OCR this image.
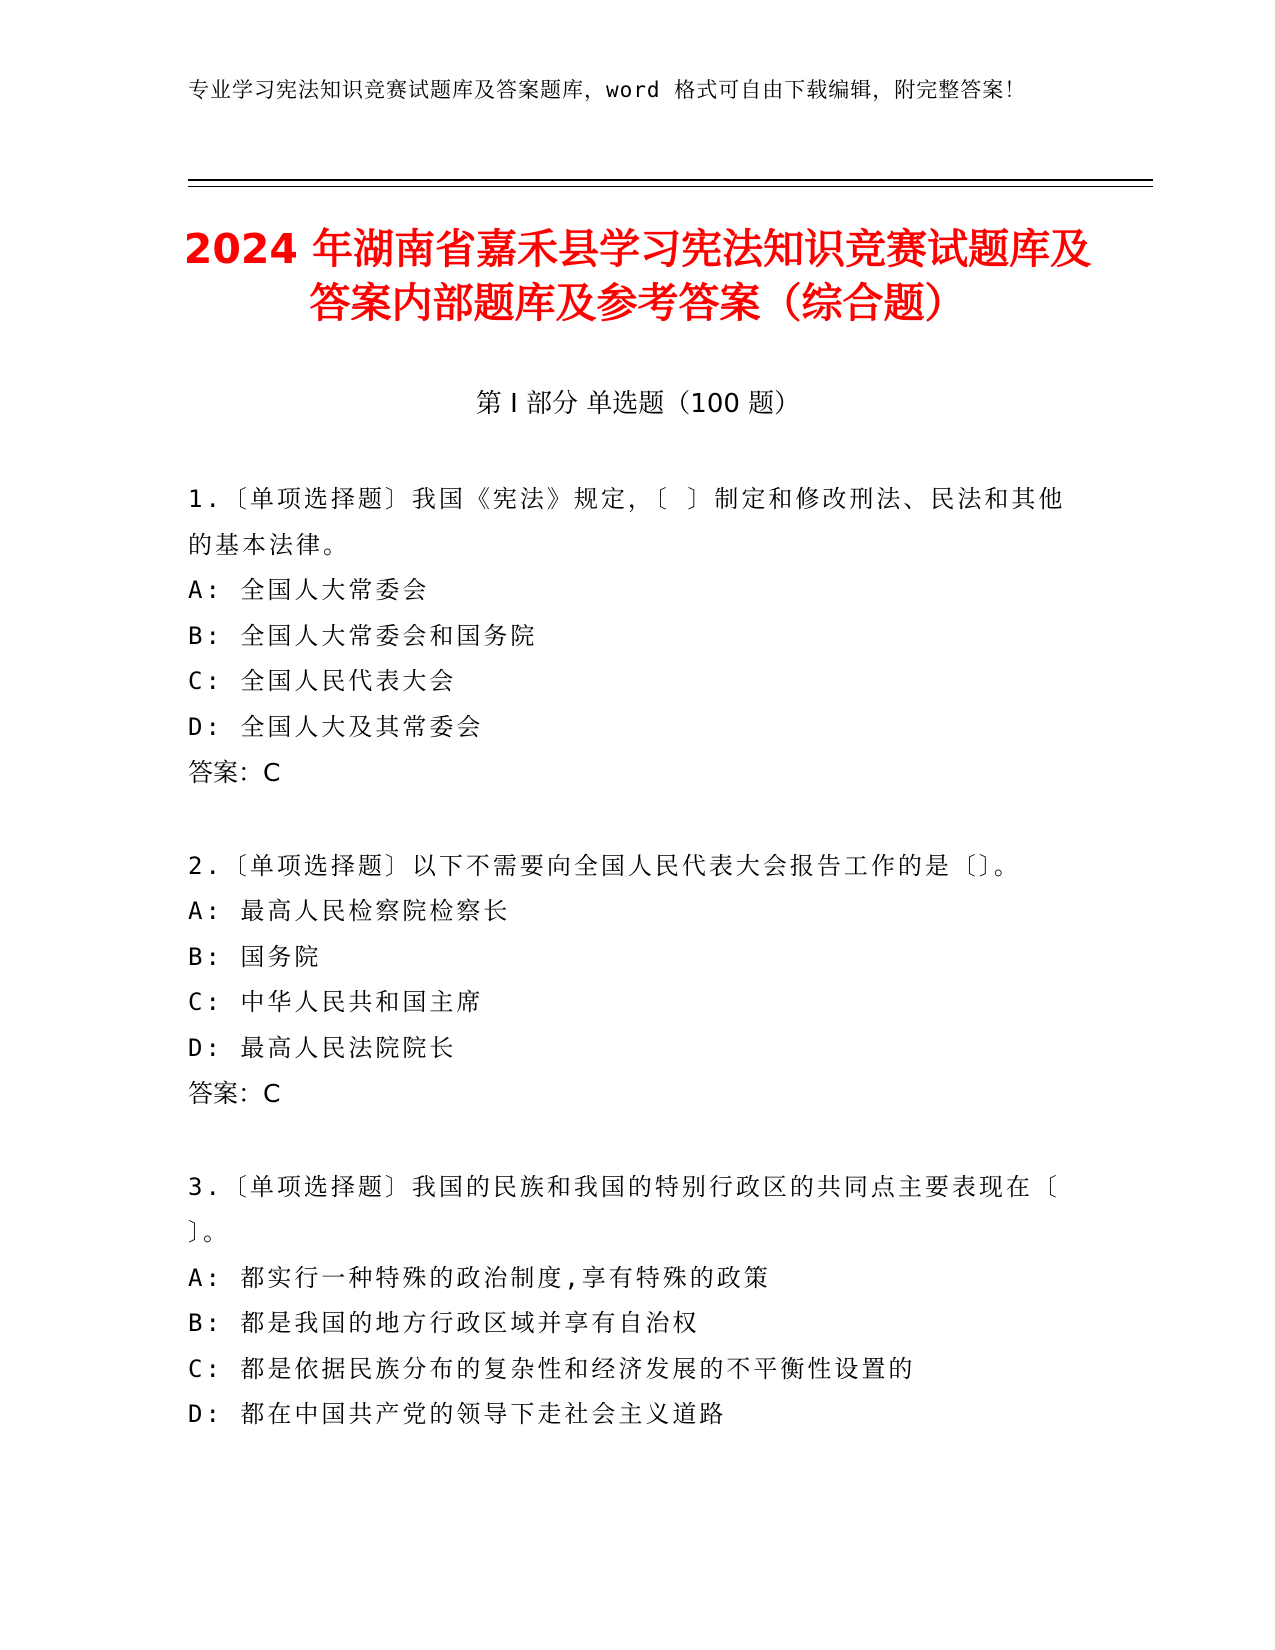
专业学习宪法知识竞赛试题库及答案题库，word 格式可自由下载编辑，附完整答案！

2024 年湖南省嘉禾县学习宪法知识竞赛试题库及答案内部题库及参考答案（综合题）
第 I 部分 单选题（100 题）

1.〔单项选择题〕我国《宪法》规定，〔 〕制定和修改刑法、民法和其他的基本法律。

A: 全国人大常委会

B: 全国人大常委会和国务院

C: 全国人民代表大会

D: 全国人大及其常委会

答案：C

2.〔单项选择题〕以下不需要向全国人民代表大会报告工作的是〔〕。

A: 最高人民检察院检察长

B: 国务院

C: 中华人民共和国主席

D: 最高人民法院院长

答案：C

3.〔单项选择题〕我国的民族和我国的特别行政区的共同点主要表现在〔 〕。

A: 都实行一种特殊的政治制度,享有特殊的政策

B: 都是我国的地方行政区域并享有自治权

C: 都是依据民族分布的复杂性和经济发展的不平衡性设置的

D: 都在中国共产党的领导下走社会主义道路
